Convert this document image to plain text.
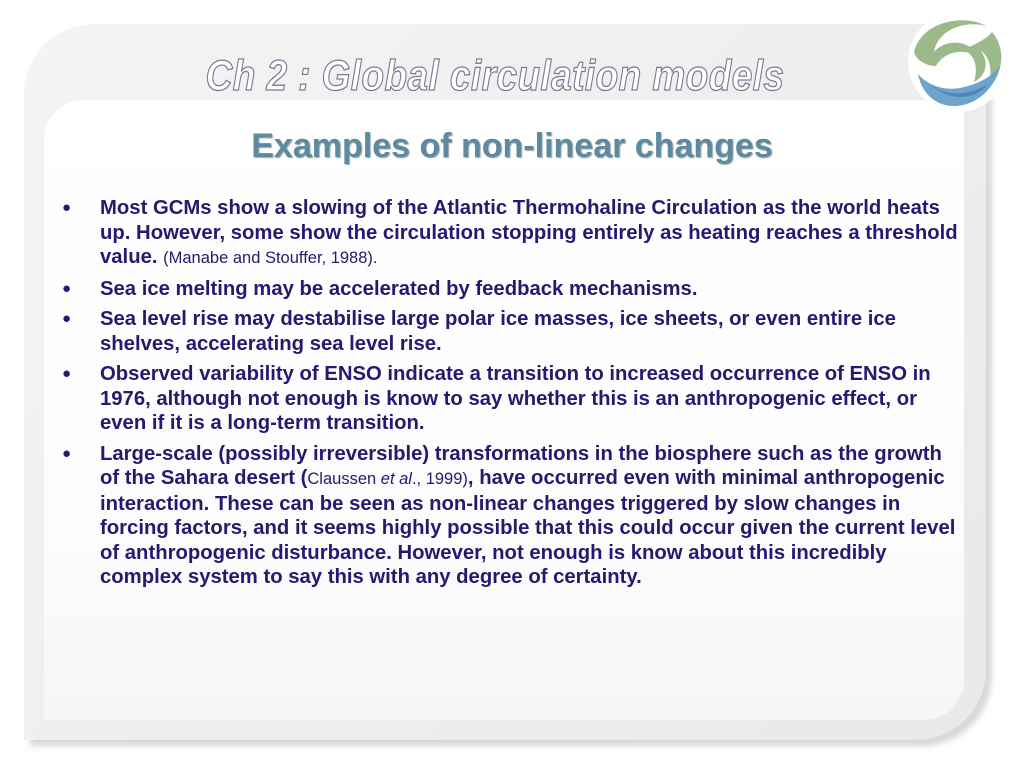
Ch 2 : Global circulation models
Examples of non-linear changes
● Most GCMs show a slowing of the Atlantic Thermohaline Circulation as the world heats up. However, some show the circulation stopping entirely as heating reaches a threshold value. (Manabe and Stouffer, 1988).
● Sea ice melting may be accelerated by feedback mechanisms.
● Sea level rise may destabilise large polar ice masses, ice sheets, or even entire ice shelves, accelerating sea level rise.
● Observed variability of ENSO indicate a transition to increased occurrence of ENSO in 1976, although not enough is know to say whether this is an anthropogenic effect, or even if it is a long-term transition.
● Large-scale (possibly irreversible) transformations in the biosphere such as the growth of the Sahara desert (Claussen et al., 1999), have occurred even with minimal anthropogenic interaction. These can be seen as non-linear changes triggered by slow changes in forcing factors, and it seems highly possible that this could occur given the current level of anthropogenic disturbance. However, not enough is know about this incredibly complex system to say this with any degree of certainty.
